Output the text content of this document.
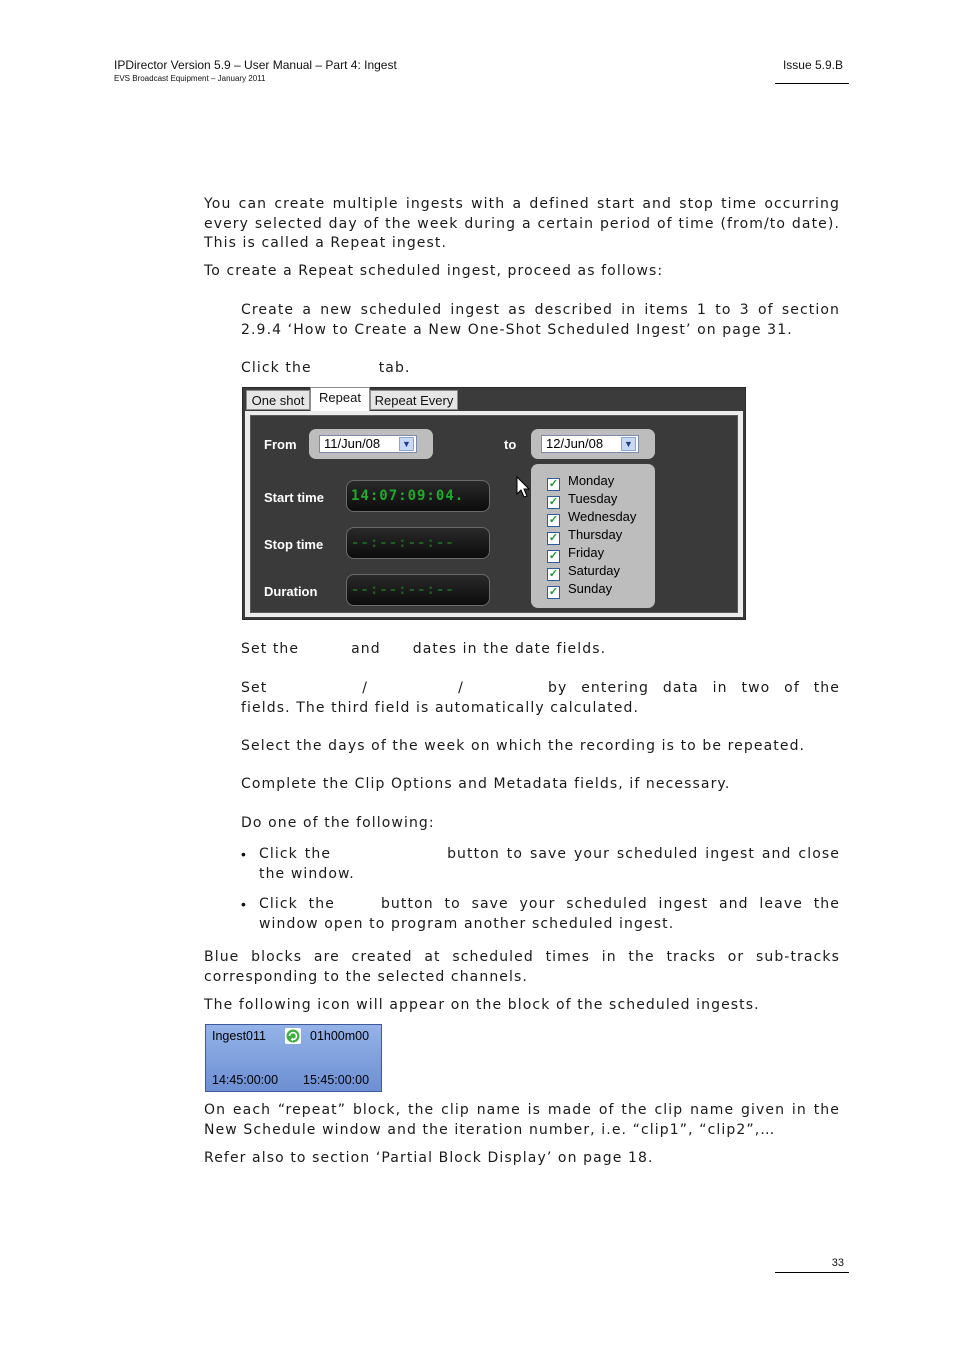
IPDirector Version 5.9 – User Manual – Part 4: Ingest
EVS Broadcast Equipment – January 2011
Issue 5.9.B
You can create multiple ingests with a defined start and stop time occurring every selected day of the week during a certain period of time (from/to date). This is called a Repeat ingest.
To create a Repeat scheduled ingest, proceed as follows:
Create a new scheduled ingest as described in items 1 to 3 of section 2.9.4 ‘How to Create a New One-Shot Scheduled Ingest’ on page 31.
Click the	tab.
One shot	Repeat	Repeat Every
From	11/Jun/08	▼	to	12/Jun/08	▼
Start time	14:07:09:04.
Stop time	--:--:--:--
Duration	--:--:--:--
✓ Monday
✓ Tuesday
✓ Wednesday
✓ Thursday
✓ Friday
✓ Saturday
✓ Sunday
Set the	and dates in the date fields.
Set	/	/	by entering data in two of the fields. The third field is automatically calculated.
Select the days of the week on which the recording is to be repeated.
Complete the Clip Options and Metadata fields, if necessary.
Do one of the following:
• Click the	button to save your scheduled ingest and close the window.
• Click the	button to save your scheduled ingest and leave the window open to program another scheduled ingest.
Blue blocks are created at scheduled times in the tracks or sub-tracks corresponding to the selected channels.
The following icon will appear on the block of the scheduled ingests.
Ingest011	01h00m00
14:45:00:00 15:45:00:00
On each “repeat” block, the clip name is made of the clip name given in the New Schedule window and the iteration number, i.e. “clip1”, “clip2”,…
Refer also to section ‘Partial Block Display’ on page 18.
33
